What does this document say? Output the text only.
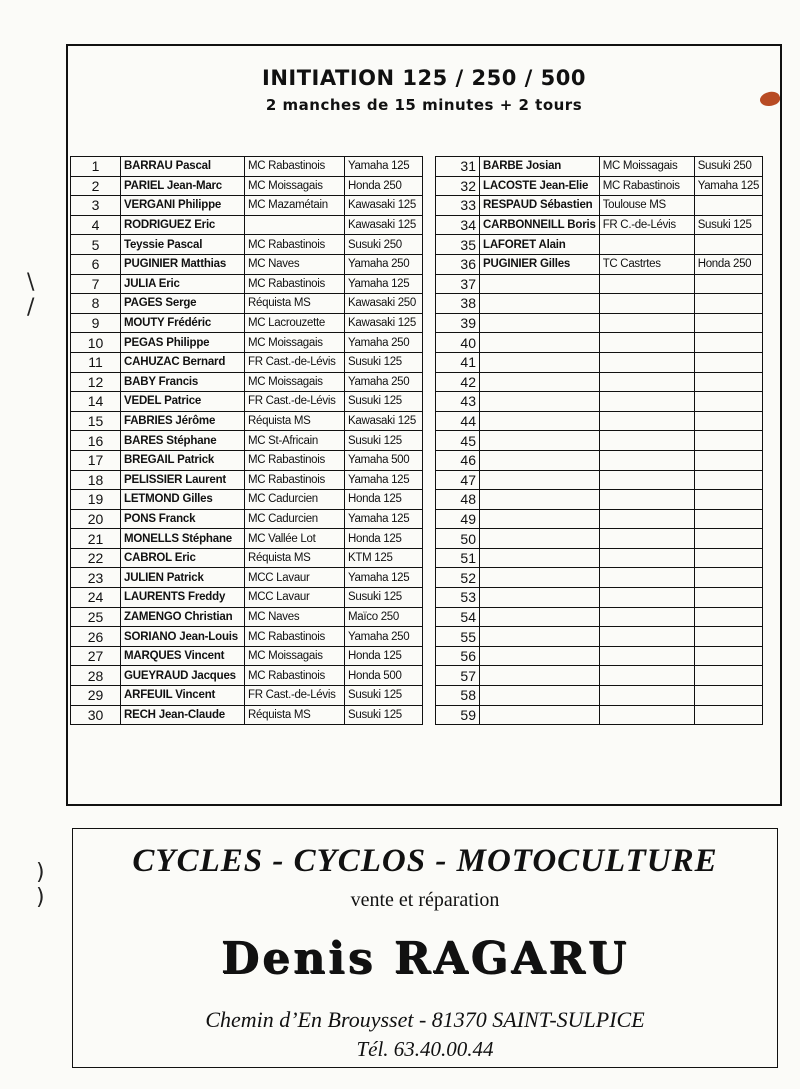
\
/
)
)
INITIATION 125 / 250 / 500
2 manches de 15 minutes + 2 tours
1	BARRAU Pascal	MC Rabastinois	Yamaha 125
2	PARIEL Jean-Marc	MC Moissagais	Honda 250
3	VERGANI Philippe	MC Mazamétain	Kawasaki 125
4	RODRIGUEZ Eric		Kawasaki 125
5	Teyssie Pascal	MC Rabastinois	Susuki 250
6	PUGINIER Matthias	MC Naves	Yamaha 250
7	JULIA Eric	MC Rabastinois	Yamaha 125
8	PAGES Serge	Réquista MS	Kawasaki 250
9	MOUTY Frédéric	MC Lacrouzette	Kawasaki 125
10	PEGAS Philippe	MC Moissagais	Yamaha 250
11	CAHUZAC Bernard	FR Cast.-de-Lévis	Susuki 125
12	BABY Francis	MC Moissagais	Yamaha 250
14	VEDEL Patrice	FR Cast.-de-Lévis	Susuki 125
15	FABRIES Jérôme	Réquista MS	Kawasaki 125
16	BARES Stéphane	MC St-Africain	Susuki 125
17	BREGAIL Patrick	MC Rabastinois	Yamaha 500
18	PELISSIER Laurent	MC Rabastinois	Yamaha 125
19	LETMOND Gilles	MC Cadurcien	Honda 125
20	PONS Franck	MC Cadurcien	Yamaha 125
21	MONELLS Stéphane	MC Vallée Lot	Honda 125
22	CABROL Eric	Réquista MS	KTM 125
23	JULIEN Patrick	MCC Lavaur	Yamaha 125
24	LAURENTS Freddy	MCC Lavaur	Susuki 125
25	ZAMENGO Christian	MC Naves	Maïco 250
26	SORIANO Jean-Louis	MC Rabastinois	Yamaha 250
27	MARQUES Vincent	MC Moissagais	Honda 125
28	GUEYRAUD Jacques	MC Rabastinois	Honda 500
29	ARFEUIL Vincent	FR Cast.-de-Lévis	Susuki 125
30	RECH Jean-Claude	Réquista MS	Susuki 125
31	BARBE Josian	MC Moissagais	Susuki 250
32	LACOSTE Jean-Elie	MC Rabastinois	Yamaha 125
33	RESPAUD Sébastien	Toulouse MS	
34	CARBONNEILL Boris	FR C.-de-Lévis	Susuki 125
35	LAFORET Alain		
36	PUGINIER Gilles	TC Castrtes	Honda 250
37			
38			
39			
40			
41			
42			
43			
44			
45			
46			
47			
48			
49			
50			
51			
52			
53			
54			
55			
56			
57			
58			
59			
CYCLES - CYCLOS - MOTOCULTURE
vente et réparation
Denis RAGARU
Chemin d’En Brouysset - 81370 SAINT-SULPICE
Tél. 63.40.00.44
